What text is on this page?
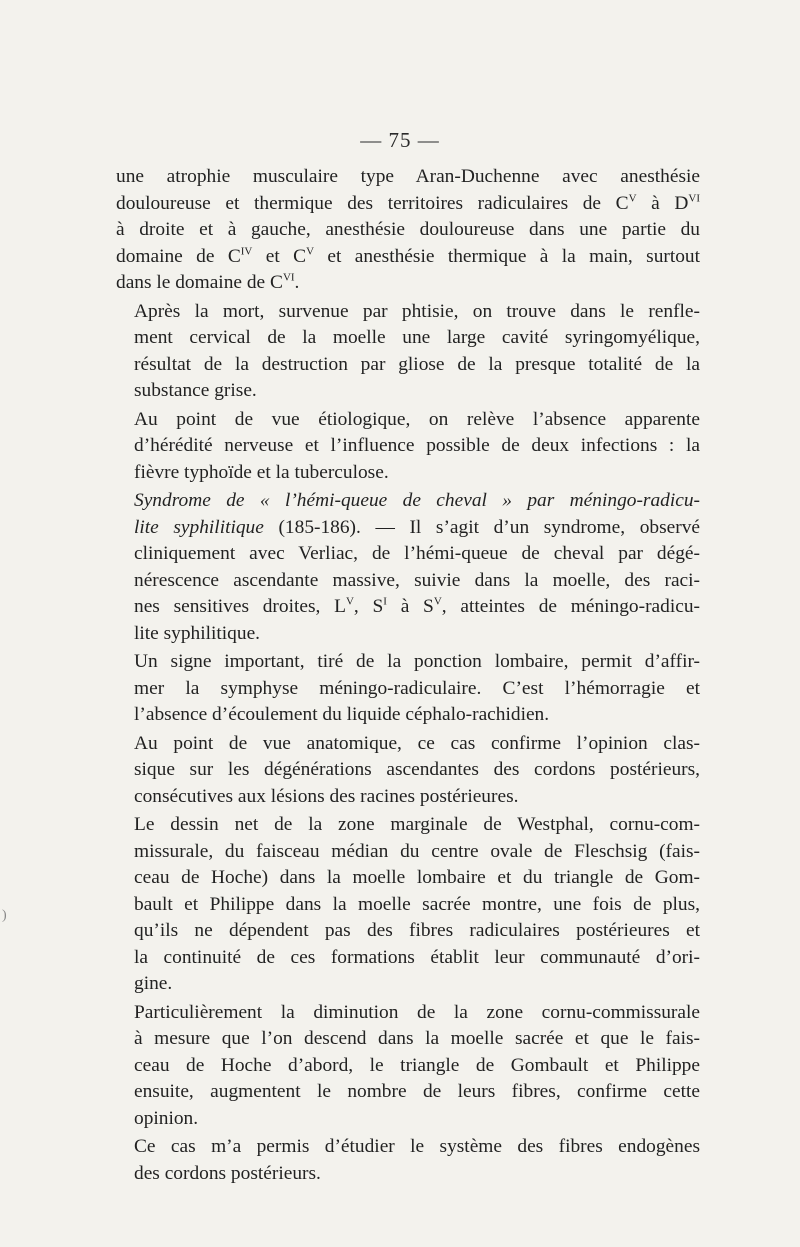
— 75 —

une atrophie musculaire type Aran-Duchenne avec anesthésie
douloureuse et thermique des territoires radiculaires de $C^V$ à $D^{VI}$
à droite et à gauche, anesthésie douloureuse dans une partie du
domaine de $C^{IV}$ et $C^V$ et anesthésie thermique à la main, surtout
dans le domaine de $C^{VI}$.

Après la mort, survenue par phtisie, on trouve dans le renfle-
ment cervical de la moelle une large cavité syringomyélique,
résultat de la destruction par gliose de la presque totalité de la
substance grise.

Au point de vue étiologique, on relève l’absence apparente
d’hérédité nerveuse et l’influence possible de deux infections : la
fièvre typhoïde et la tuberculose.

Syndrome de « l’hémi-queue de cheval » par méningo-radicu-
lite syphilitique (185-186). — Il s’agit d’un syndrome, observé
cliniquement avec Verliac, de l’hémi-queue de cheval par dégé-
nérescence ascendante massive, suivie dans la moelle, des raci-
nes sensitives droites, $L^V$, $S^I$ à $S^V$, atteintes de méningo-radicu-
lite syphilitique.

Un signe important, tiré de la ponction lombaire, permit d’affir-
mer la symphyse méningo-radiculaire. C’est l’hémorragie et
l’absence d’écoulement du liquide céphalo-rachidien.

Au point de vue anatomique, ce cas confirme l’opinion clas-
sique sur les dégénérations ascendantes des cordons postérieurs,
consécutives aux lésions des racines postérieures.

Le dessin net de la zone marginale de Westphal, cornu-com-
missurale, du faisceau médian du centre ovale de Fleschsig (fais-
ceau de Hoche) dans la moelle lombaire et du triangle de Gom-
bault et Philippe dans la moelle sacrée montre, une fois de plus,
qu’ils ne dépendent pas des fibres radiculaires postérieures et
la continuité de ces formations établit leur communauté d’ori-
gine.

Particulièrement la diminution de la zone cornu-commissurale
à mesure que l’on descend dans la moelle sacrée et que le fais-
ceau de Hoche d’abord, le triangle de Gombault et Philippe
ensuite, augmentent le nombre de leurs fibres, confirme cette
opinion.

Ce cas m’a permis d’étudier le système des fibres endogènes
des cordons postérieurs.

)
